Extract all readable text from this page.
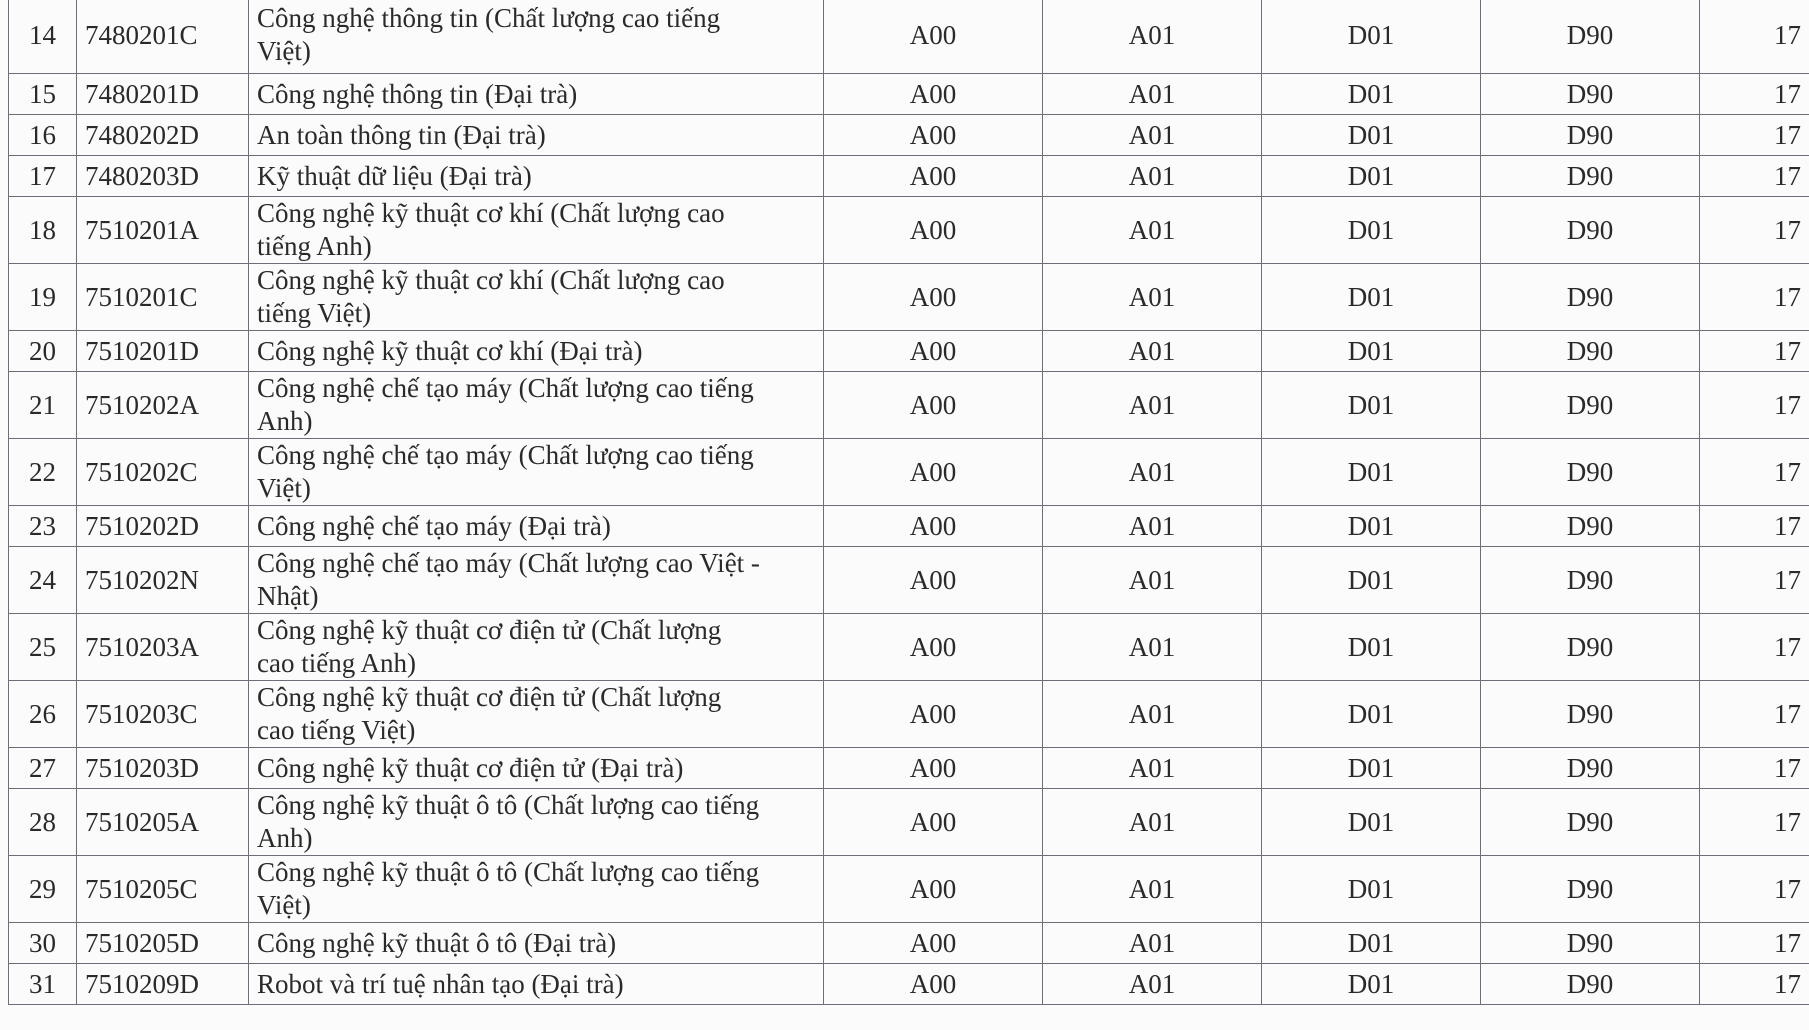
14	7480201C	Công nghệ thông tin (Chất lượng cao tiếng
Việt)	A00	A01	D01	D90	17
15	7480201D	Công nghệ thông tin (Đại trà)	A00	A01	D01	D90	17
16	7480202D	An toàn thông tin (Đại trà)	A00	A01	D01	D90	17
17	7480203D	Kỹ thuật dữ liệu (Đại trà)	A00	A01	D01	D90	17
18	7510201A	Công nghệ kỹ thuật cơ khí (Chất lượng cao
tiếng Anh)	A00	A01	D01	D90	17
19	7510201C	Công nghệ kỹ thuật cơ khí (Chất lượng cao
tiếng Việt)	A00	A01	D01	D90	17
20	7510201D	Công nghệ kỹ thuật cơ khí (Đại trà)	A00	A01	D01	D90	17
21	7510202A	Công nghệ chế tạo máy (Chất lượng cao tiếng
Anh)	A00	A01	D01	D90	17
22	7510202C	Công nghệ chế tạo máy (Chất lượng cao tiếng
Việt)	A00	A01	D01	D90	17
23	7510202D	Công nghệ chế tạo máy (Đại trà)	A00	A01	D01	D90	17
24	7510202N	Công nghệ chế tạo máy (Chất lượng cao Việt -
Nhật)	A00	A01	D01	D90	17
25	7510203A	Công nghệ kỹ thuật cơ điện tử (Chất lượng
cao tiếng Anh)	A00	A01	D01	D90	17
26	7510203C	Công nghệ kỹ thuật cơ điện tử (Chất lượng
cao tiếng Việt)	A00	A01	D01	D90	17
27	7510203D	Công nghệ kỹ thuật cơ điện tử (Đại trà)	A00	A01	D01	D90	17
28	7510205A	Công nghệ kỹ thuật ô tô (Chất lượng cao tiếng
Anh)	A00	A01	D01	D90	17
29	7510205C	Công nghệ kỹ thuật ô tô (Chất lượng cao tiếng
Việt)	A00	A01	D01	D90	17
30	7510205D	Công nghệ kỹ thuật ô tô (Đại trà)	A00	A01	D01	D90	17
31	7510209D	Robot và trí tuệ nhân tạo (Đại trà)	A00	A01	D01	D90	17
